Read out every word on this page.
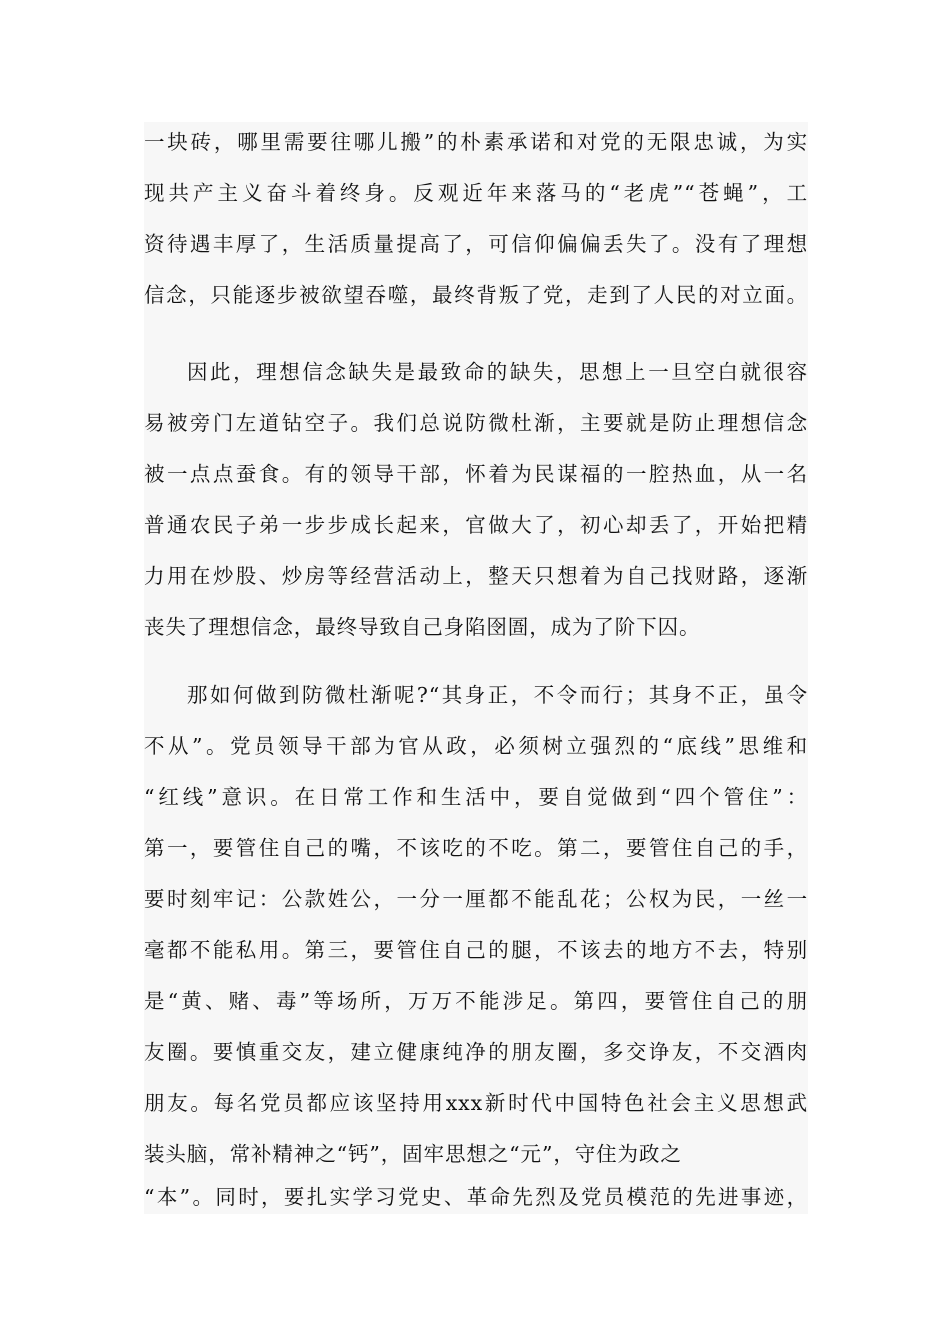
一块砖，哪里需要往哪儿搬”的朴素承诺和对党的无限忠诚，为实
现共产主义奋斗着终身。反观近年来落马的“老虎”“苍蝇”，工
资待遇丰厚了，生活质量提高了，可信仰偏偏丢失了。没有了理想
信念，只能逐步被欲望吞噬，最终背叛了党，走到了人民的对立面。
因此，理想信念缺失是最致命的缺失，思想上一旦空白就很容
易被旁门左道钻空子。我们总说防微杜渐，主要就是防止理想信念
被一点点蚕食。有的领导干部，怀着为民谋福的一腔热血，从一名
普通农民子弟一步步成长起来，官做大了，初心却丢了，开始把精
力用在炒股、炒房等经营活动上，整天只想着为自己找财路，逐渐
丧失了理想信念，最终导致自己身陷囹圄，成为了阶下囚。
那如何做到防微杜渐呢?“其身正，不令而行；其身不正，虽令
不从”。党员领导干部为官从政，必须树立强烈的“底线”思维和
“红线”意识。在日常工作和生活中，要自觉做到“四个管住”：
第一，要管住自己的嘴，不该吃的不吃。第二，要管住自己的手，
要时刻牢记：公款姓公，一分一厘都不能乱花；公权为民，一丝一
毫都不能私用。第三，要管住自己的腿，不该去的地方不去，特别
是“黄、赌、毒”等场所，万万不能涉足。第四，要管住自己的朋
友圈。要慎重交友，建立健康纯净的朋友圈，多交诤友，不交酒肉
朋友。每名党员都应该坚持用xxx新时代中国特色社会主义思想武
装头脑，常补精神之“钙”，固牢思想之“元”，守住为政之
“本”。同时，要扎实学习党史、革命先烈及党员模范的先进事迹，
